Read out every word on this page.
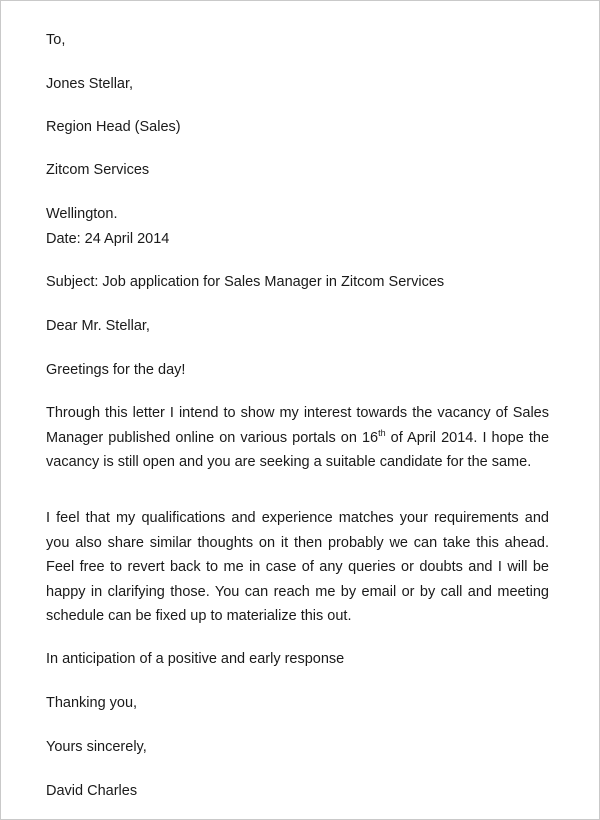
To,

Jones Stellar,

Region Head (Sales)

Zitcom Services

Wellington.

Date: 24 April 2014

Subject: Job application for Sales Manager in Zitcom Services

Dear Mr. Stellar,

Greetings for the day!

Through this letter I intend to show my interest towards the vacancy of Sales Manager published online on various portals on 16th of April 2014. I hope the vacancy is still open and you are seeking a suitable candidate for the same.

I feel that my qualifications and experience matches your requirements and you also share similar thoughts on it then probably we can take this ahead. Feel free to revert back to me in case of any queries or doubts and I will be happy in clarifying those. You can reach me by email or by call and meeting schedule can be fixed up to materialize this out.

In anticipation of a positive and early response

Thanking you,

Yours sincerely,

David Charles
